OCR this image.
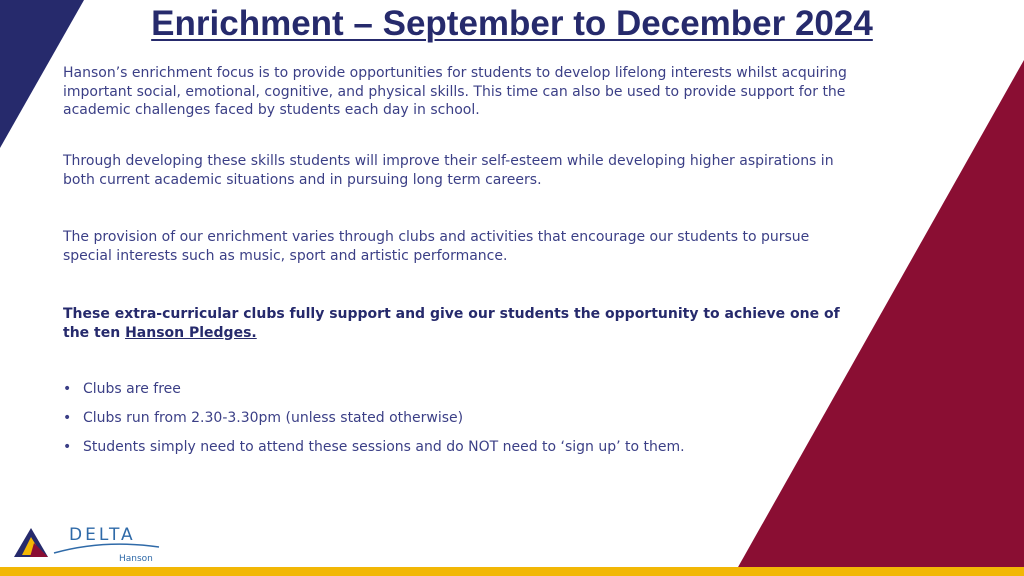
Enrichment – September to December 2024

Hanson’s enrichment focus is to provide opportunities for students to develop lifelong interests whilst acquiring important social, emotional, cognitive, and physical skills. This time can also be used to provide support for the academic challenges faced by students each day in school.

Through developing these skills students will improve their self-esteem while developing higher aspirations in both current academic situations and in pursuing long term careers.

The provision of our enrichment varies through clubs and activities that encourage our students to pursue special interests such as music, sport and artistic performance.

These extra-curricular clubs fully support and give our students the opportunity to achieve one of the ten Hanson Pledges.

• Clubs are free
• Clubs run from 2.30-3.30pm (unless stated otherwise)
• Students simply need to attend these sessions and do NOT need to ‘sign up’ to them.
DELTA
Hanson
